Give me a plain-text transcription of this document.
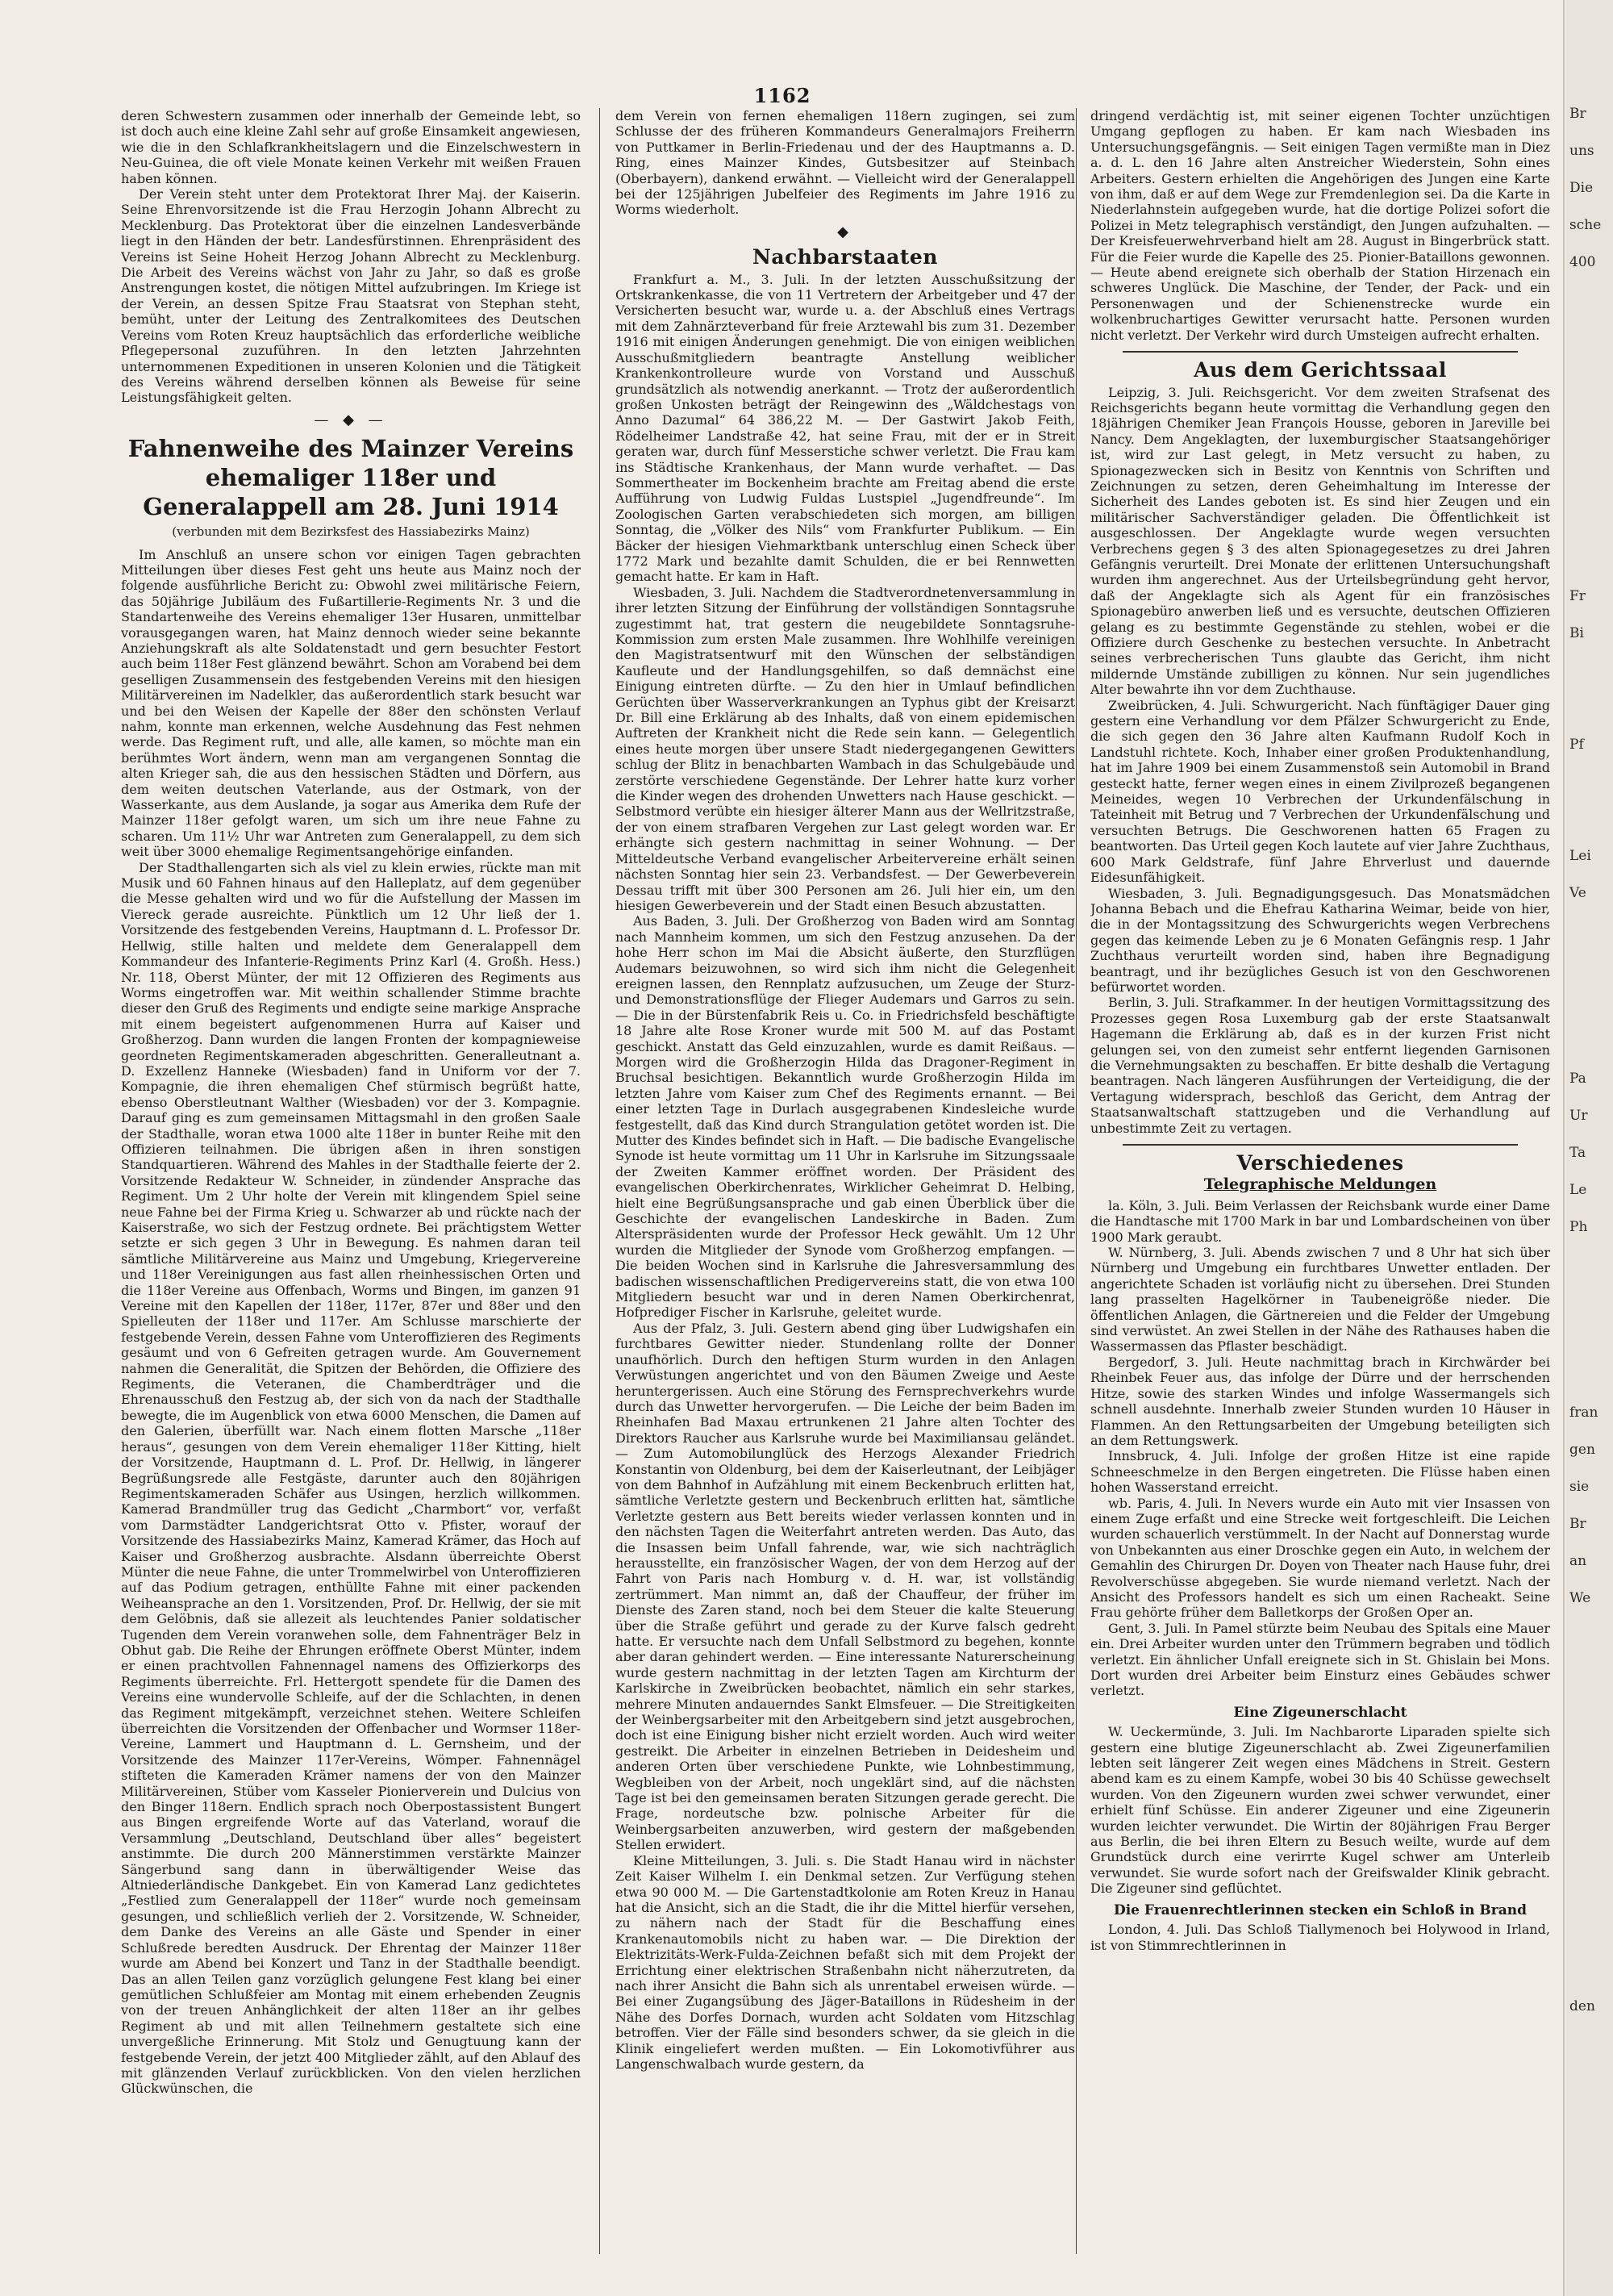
1162

deren Schwestern zusammen oder innerhalb der Gemeinde lebt, so ist doch auch eine kleine Zahl sehr auf große Einsamkeit angewiesen, wie die in den Schlafkrankheitslagern und die Einzelschwestern in Neu-Guinea, die oft viele Monate keinen Verkehr mit weißen Frauen haben können.

Der Verein steht unter dem Protektorat Ihrer Maj. der Kaiserin. Seine Ehrenvorsitzende ist die Frau Herzogin Johann Albrecht zu Mecklenburg. Das Protektorat über die einzelnen Landesverbände liegt in den Händen der betr. Landesfürstinnen. Ehrenpräsident des Vereins ist Seine Hoheit Herzog Johann Albrecht zu Mecklenburg. Die Arbeit des Vereins wächst von Jahr zu Jahr, so daß es große Anstrengungen kostet, die nötigen Mittel aufzubringen. Im Kriege ist der Verein, an dessen Spitze Frau Staatsrat von Stephan steht, bemüht, unter der Leitung des Zentralkomitees des Deutschen Vereins vom Roten Kreuz hauptsächlich das erforderliche weibliche Pflegepersonal zuzuführen. In den letzten Jahrzehnten unternommenen Expeditionen in unseren Kolonien und die Tätigkeit des Vereins während derselben können als Beweise für seine Leistungsfähigkeit gelten.

— ◆ —
Fahnenweihe des Mainzer Vereins ehemaliger 118er und Generalappell am 28. Juni 1914

(verbunden mit dem Bezirksfest des Hassiabezirks Mainz)

Im Anschluß an unsere schon vor einigen Tagen gebrachten Mitteilungen über dieses Fest geht uns heute aus Mainz noch der folgende ausführliche Bericht zu: Obwohl zwei militärische Feiern, das 50jährige Jubiläum des Fußartillerie-Regiments Nr. 3 und die Standartenweihe des Vereins ehemaliger 13er Husaren, unmittelbar vorausgegangen waren, hat Mainz dennoch wieder seine bekannte Anziehungskraft als alte Soldatenstadt und gern besuchter Festort auch beim 118er Fest glänzend bewährt. Schon am Vorabend bei dem geselligen Zusammensein des festgebenden Vereins mit den hiesigen Militärvereinen im Nadelkler, das außerordentlich stark besucht war und bei den Weisen der Kapelle der 88er den schönsten Verlauf nahm, konnte man erkennen, welche Ausdehnung das Fest nehmen werde. Das Regiment ruft, und alle, alle kamen, so möchte man ein berühmtes Wort ändern, wenn man am vergangenen Sonntag die alten Krieger sah, die aus den hessischen Städten und Dörfern, aus dem weiten deutschen Vaterlande, aus der Ostmark, von der Wasserkante, aus dem Auslande, ja sogar aus Amerika dem Rufe der Mainzer 118er gefolgt waren, um sich um ihre neue Fahne zu scharen. Um 11½ Uhr war Antreten zum Generalappell, zu dem sich weit über 3000 ehemalige Regimentsangehörige einfanden.

Der Stadthallengarten sich als viel zu klein erwies, rückte man mit Musik und 60 Fahnen hinaus auf den Halleplatz, auf dem gegenüber die Messe gehalten wird und wo für die Aufstellung der Massen im Viereck gerade ausreichte. Pünktlich um 12 Uhr ließ der 1. Vorsitzende des festgebenden Vereins, Hauptmann d. L. Professor Dr. Hellwig, stille halten und meldete dem Generalappell dem Kommandeur des Infanterie-Regiments Prinz Karl (4. Großh. Hess.) Nr. 118, Oberst Münter, der mit 12 Offizieren des Regiments aus Worms eingetroffen war. Mit weithin schallender Stimme brachte dieser den Gruß des Regiments und endigte seine markige Ansprache mit einem begeistert aufgenommenen Hurra auf Kaiser und Großherzog. Dann wurden die langen Fronten der kompagnieweise geordneten Regimentskameraden abgeschritten. Generalleutnant a. D. Exzellenz Hanneke (Wiesbaden) fand in Uniform vor der 7. Kompagnie, die ihren ehemaligen Chef stürmisch begrüßt hatte, ebenso Oberstleutnant Walther (Wiesbaden) vor der 3. Kompagnie. Darauf ging es zum gemeinsamen Mittagsmahl in den großen Saale der Stadthalle, woran etwa 1000 alte 118er in bunter Reihe mit den Offizieren teilnahmen. Die übrigen aßen in ihren sonstigen Standquartieren. Während des Mahles in der Stadthalle feierte der 2. Vorsitzende Redakteur W. Schneider, in zündender Ansprache das Regiment. Um 2 Uhr holte der Verein mit klingendem Spiel seine neue Fahne bei der Firma Krieg u. Schwarzer ab und rückte nach der Kaiserstraße, wo sich der Festzug ordnete. Bei prächtigstem Wetter setzte er sich gegen 3 Uhr in Bewegung. Es nahmen daran teil sämtliche Militärvereine aus Mainz und Umgebung, Kriegervereine und 118er Vereinigungen aus fast allen rheinhessischen Orten und die 118er Vereine aus Offenbach, Worms und Bingen, im ganzen 91 Vereine mit den Kapellen der 118er, 117er, 87er und 88er und den Spielleuten der 118er und 117er. Am Schlusse marschierte der festgebende Verein, dessen Fahne vom Unteroffizieren des Regiments gesäumt und von 6 Gefreiten getragen wurde. Am Gouvernement nahmen die Generalität, die Spitzen der Behörden, die Offiziere des Regiments, die Veteranen, die Chamberdträger und die Ehrenausschuß den Festzug ab, der sich von da nach der Stadthalle bewegte, die im Augenblick von etwa 6000 Menschen, die Damen auf den Galerien, überfüllt war. Nach einem flotten Marsche „118er heraus“, gesungen von dem Verein ehemaliger 118er Kitting, hielt der Vorsitzende, Hauptmann d. L. Prof. Dr. Hellwig, in längerer Begrüßungsrede alle Festgäste, darunter auch den 80jährigen Regimentskameraden Schäfer aus Usingen, herzlich willkommen. Kamerad Brandmüller trug das Gedicht „Charmbort“ vor, verfaßt vom Darmstädter Landgerichtsrat Otto v. Pfister, worauf der Vorsitzende des Hassiabezirks Mainz, Kamerad Krämer, das Hoch auf Kaiser und Großherzog ausbrachte. Alsdann überreichte Oberst Münter die neue Fahne, die unter Trommelwirbel von Unteroffizieren auf das Podium getragen, enthüllte Fahne mit einer packenden Weiheansprache an den 1. Vorsitzenden, Prof. Dr. Hellwig, der sie mit dem Gelöbnis, daß sie allezeit als leuchtendes Panier soldatischer Tugenden dem Verein voranwehen solle, dem Fahnenträger Belz in Obhut gab. Die Reihe der Ehrungen eröffnete Oberst Münter, indem er einen prachtvollen Fahnennagel namens des Offizierkorps des Regiments überreichte. Frl. Hettergott spendete für die Damen des Vereins eine wundervolle Schleife, auf der die Schlachten, in denen das Regiment mitgekämpft, verzeichnet stehen. Weitere Schleifen überreichten die Vorsitzenden der Offenbacher und Wormser 118er-Vereine, Lammert und Hauptmann d. L. Gernsheim, und der Vorsitzende des Mainzer 117er-Vereins, Wömper. Fahnennägel stifteten die Kameraden Krämer namens der von den Mainzer Militärvereinen, Stüber vom Kasseler Pionierverein und Dulcius von den Binger 118ern. Endlich sprach noch Oberpostassistent Bungert aus Bingen ergreifende Worte auf das Vaterland, worauf die Versammlung „Deutschland, Deutschland über alles“ begeistert anstimmte. Die durch 200 Männerstimmen verstärkte Mainzer Sängerbund sang dann in überwältigender Weise das Altniederländische Dankgebet. Ein von Kamerad Lanz gedichtetes „Festlied zum Generalappell der 118er“ wurde noch gemeinsam gesungen, und schließlich verlieh der 2. Vorsitzende, W. Schneider, dem Danke des Vereins an alle Gäste und Spender in einer Schlußrede beredten Ausdruck. Der Ehrentag der Mainzer 118er wurde am Abend bei Konzert und Tanz in der Stadthalle beendigt. Das an allen Teilen ganz vorzüglich gelungene Fest klang bei einer gemütlichen Schlußfeier am Montag mit einem erhebenden Zeugnis von der treuen Anhänglichkeit der alten 118er an ihr gelbes Regiment ab und mit allen Teilnehmern gestaltete sich eine unvergeßliche Erinnerung. Mit Stolz und Genugtuung kann der festgebende Verein, der jetzt 400 Mitglieder zählt, auf den Ablauf des mit glänzenden Verlauf zurückblicken. Von den vielen herzlichen Glückwünschen, die

dem Verein von fernen ehemaligen 118ern zugingen, sei zum Schlusse der des früheren Kommandeurs Generalmajors Freiherrn von Puttkamer in Berlin-Friedenau und der des Hauptmanns a. D. Ring, eines Mainzer Kindes, Gutsbesitzer auf Steinbach (Oberbayern), dankend erwähnt. — Vielleicht wird der Generalappell bei der 125jährigen Jubelfeier des Regiments im Jahre 1916 zu Worms wiederholt.

◆
Nachbarstaaten

Frankfurt a. M., 3. Juli. In der letzten Ausschußsitzung der Ortskrankenkasse, die von 11 Vertretern der Arbeitgeber und 47 der Versicherten besucht war, wurde u. a. der Abschluß eines Vertrags mit dem Zahnärzteverband für freie Arztewahl bis zum 31. Dezember 1916 mit einigen Änderungen genehmigt. Die von einigen weiblichen Ausschußmitgliedern beantragte Anstellung weiblicher Krankenkontrolleure wurde von Vorstand und Ausschuß grundsätzlich als notwendig anerkannt. — Trotz der außerordentlich großen Unkosten beträgt der Reingewinn des „Wäldchestags von Anno Dazumal“ 64 386,22 M. — Der Gastwirt Jakob Feith, Rödelheimer Landstraße 42, hat seine Frau, mit der er in Streit geraten war, durch fünf Messerstiche schwer verletzt. Die Frau kam ins Städtische Krankenhaus, der Mann wurde verhaftet. — Das Sommertheater im Bockenheim brachte am Freitag abend die erste Aufführung von Ludwig Fuldas Lustspiel „Jugendfreunde“. Im Zoologischen Garten verabschiedeten sich morgen, am billigen Sonntag, die „Völker des Nils“ vom Frankfurter Publikum. — Ein Bäcker der hiesigen Viehmarktbank unterschlug einen Scheck über 1772 Mark und bezahlte damit Schulden, die er bei Rennwetten gemacht hatte. Er kam in Haft.

Wiesbaden, 3. Juli. Nachdem die Stadtverordnetenversammlung in ihrer letzten Sitzung der Einführung der vollständigen Sonntagsruhe zugestimmt hat, trat gestern die neugebildete Sonntagsruhe-Kommission zum ersten Male zusammen. Ihre Wohlhilfe vereinigen den Magistratsentwurf mit den Wünschen der selbständigen Kaufleute und der Handlungsgehilfen, so daß demnächst eine Einigung eintreten dürfte. — Zu den hier in Umlauf befindlichen Gerüchten über Wasserverkrankungen an Typhus gibt der Kreisarzt Dr. Bill eine Erklärung ab des Inhalts, daß von einem epidemischen Auftreten der Krankheit nicht die Rede sein kann. — Gelegentlich eines heute morgen über unsere Stadt niedergegangenen Gewitters schlug der Blitz in benachbarten Wambach in das Schulgebäude und zerstörte verschiedene Gegenstände. Der Lehrer hatte kurz vorher die Kinder wegen des drohenden Unwetters nach Hause geschickt. — Selbstmord verübte ein hiesiger älterer Mann aus der Wellritzstraße, der von einem strafbaren Vergehen zur Last gelegt worden war. Er erhängte sich gestern nachmittag in seiner Wohnung. — Der Mitteldeutsche Verband evangelischer Arbeitervereine erhält seinen nächsten Sonntag hier sein 23. Verbandsfest. — Der Gewerbeverein Dessau trifft mit über 300 Personen am 26. Juli hier ein, um den hiesigen Gewerbeverein und der Stadt einen Besuch abzustatten.

Aus Baden, 3. Juli. Der Großherzog von Baden wird am Sonntag nach Mannheim kommen, um sich den Festzug anzusehen. Da der hohe Herr schon im Mai die Absicht äußerte, den Sturzflügen Audemars beizuwohnen, so wird sich ihm nicht die Gelegenheit ereignen lassen, den Rennplatz aufzusuchen, um Zeuge der Sturz- und Demonstrationsflüge der Flieger Audemars und Garros zu sein. — Die in der Bürstenfabrik Reis u. Co. in Friedrichsfeld beschäftigte 18 Jahre alte Rose Kroner wurde mit 500 M. auf das Postamt geschickt. Anstatt das Geld einzuzahlen, wurde es damit Reißaus. — Morgen wird die Großherzogin Hilda das Dragoner-Regiment in Bruchsal besichtigen. Bekanntlich wurde Großherzogin Hilda im letzten Jahre vom Kaiser zum Chef des Regiments ernannt. — Bei einer letzten Tage in Durlach ausgegrabenen Kindesleiche wurde festgestellt, daß das Kind durch Strangulation getötet worden ist. Die Mutter des Kindes befindet sich in Haft. — Die badische Evangelische Synode ist heute vormittag um 11 Uhr in Karlsruhe im Sitzungssaale der Zweiten Kammer eröffnet worden. Der Präsident des evangelischen Oberkirchenrates, Wirklicher Geheimrat D. Helbing, hielt eine Begrüßungsansprache und gab einen Überblick über die Geschichte der evangelischen Landeskirche in Baden. Zum Alterspräsidenten wurde der Professor Heck gewählt. Um 12 Uhr wurden die Mitglieder der Synode vom Großherzog empfangen. — Die beiden Wochen sind in Karlsruhe die Jahresversammlung des badischen wissenschaftlichen Predigervereins statt, die von etwa 100 Mitgliedern besucht war und in deren Namen Oberkirchenrat, Hofprediger Fischer in Karlsruhe, geleitet wurde.

Aus der Pfalz, 3. Juli. Gestern abend ging über Ludwigshafen ein furchtbares Gewitter nieder. Stundenlang rollte der Donner unaufhörlich. Durch den heftigen Sturm wurden in den Anlagen Verwüstungen angerichtet und von den Bäumen Zweige und Aeste heruntergerissen. Auch eine Störung des Fernsprechverkehrs wurde durch das Unwetter hervorgerufen. — Die Leiche der beim Baden im Rheinhafen Bad Maxau ertrunkenen 21 Jahre alten Tochter des Direktors Raucher aus Karlsruhe wurde bei Maximiliansau geländet. — Zum Automobilunglück des Herzogs Alexander Friedrich Konstantin von Oldenburg, bei dem der Kaiserleutnant, der Leibjäger von dem Bahnhof in Aufzählung mit einem Beckenbruch erlitten hat, sämtliche Verletzte gestern und Beckenbruch erlitten hat, sämtliche Verletzte gestern aus Bett bereits wieder verlassen konnten und in den nächsten Tagen die Weiterfahrt antreten werden. Das Auto, das die Insassen beim Unfall fahrende, war, wie sich nachträglich herausstellte, ein französischer Wagen, der von dem Herzog auf der Fahrt von Paris nach Homburg v. d. H. war, ist vollständig zertrümmert. Man nimmt an, daß der Chauffeur, der früher im Dienste des Zaren stand, noch bei dem Steuer die kalte Steuerung über die Straße geführt und gerade zu der Kurve falsch gedreht hatte. Er versuchte nach dem Unfall Selbstmord zu begehen, konnte aber daran gehindert werden. — Eine interessante Naturerscheinung wurde gestern nachmittag in der letzten Tagen am Kirchturm der Karlskirche in Zweibrücken beobachtet, nämlich ein sehr starkes, mehrere Minuten andauerndes Sankt Elmsfeuer. — Die Streitigkeiten der Weinbergsarbeiter mit den Arbeitgebern sind jetzt ausgebrochen, doch ist eine Einigung bisher nicht erzielt worden. Auch wird weiter gestreikt. Die Arbeiter in einzelnen Betrieben in Deidesheim und anderen Orten über verschiedene Punkte, wie Lohnbestimmung, Wegbleiben von der Arbeit, noch ungeklärt sind, auf die nächsten Tage ist bei den gemeinsamen beraten Sitzungen gerade gerecht. Die Frage, nordeutsche bzw. polnische Arbeiter für die Weinbergsarbeiten anzuwerben, wird gestern der maßgebenden Stellen erwidert.

Kleine Mitteilungen, 3. Juli. s. Die Stadt Hanau wird in nächster Zeit Kaiser Wilhelm I. ein Denkmal setzen. Zur Verfügung stehen etwa 90 000 M. — Die Gartenstadtkolonie am Roten Kreuz in Hanau hat die Ansicht, sich an die Stadt, die ihr die Mittel hierfür versehen, zu nähern nach der Stadt für die Beschaffung eines Krankenautomobils nicht zu haben war. — Die Direktion der Elektrizitäts-Werk-Fulda-Zeichnen befaßt sich mit dem Projekt der Errichtung einer elektrischen Straßenbahn nicht näherzutreten, da nach ihrer Ansicht die Bahn sich als unrentabel erweisen würde. — Bei einer Zugangsübung des Jäger-Bataillons in Rüdesheim in der Nähe des Dorfes Dornach, wurden acht Soldaten vom Hitzschlag betroffen. Vier der Fälle sind besonders schwer, da sie gleich in die Klinik eingeliefert werden mußten. — Ein Lokomotivführer aus Langenschwalbach wurde gestern, da

dringend verdächtig ist, mit seiner eigenen Tochter unzüchtigen Umgang gepflogen zu haben. Er kam nach Wiesbaden ins Untersuchungsgefängnis. — Seit einigen Tagen vermißte man in Diez a. d. L. den 16 Jahre alten Anstreicher Wiederstein, Sohn eines Arbeiters. Gestern erhielten die Angehörigen des Jungen eine Karte von ihm, daß er auf dem Wege zur Fremdenlegion sei. Da die Karte in Niederlahnstein aufgegeben wurde, hat die dortige Polizei sofort die Polizei in Metz telegraphisch verständigt, den Jungen aufzuhalten. — Der Kreisfeuerwehrverband hielt am 28. August in Bingerbrück statt. Für die Feier wurde die Kapelle des 25. Pionier-Bataillons gewonnen. — Heute abend ereignete sich oberhalb der Station Hirzenach ein schweres Unglück. Die Maschine, der Tender, der Pack- und ein Personenwagen und der Schienenstrecke wurde ein wolkenbruchartiges Gewitter verursacht hatte. Personen wurden nicht verletzt. Der Verkehr wird durch Umsteigen aufrecht erhalten.

Aus dem Gerichtssaal

Leipzig, 3. Juli. Reichsgericht. Vor dem zweiten Strafsenat des Reichsgerichts begann heute vormittag die Verhandlung gegen den 18jährigen Chemiker Jean François Housse, geboren in Jareville bei Nancy. Dem Angeklagten, der luxemburgischer Staatsangehöriger ist, wird zur Last gelegt, in Metz versucht zu haben, zu Spionagezwecken sich in Besitz von Kenntnis von Schriften und Zeichnungen zu setzen, deren Geheimhaltung im Interesse der Sicherheit des Landes geboten ist. Es sind hier Zeugen und ein militärischer Sachverständiger geladen. Die Öffentlichkeit ist ausgeschlossen. Der Angeklagte wurde wegen versuchten Verbrechens gegen § 3 des alten Spionagegesetzes zu drei Jahren Gefängnis verurteilt. Drei Monate der erlittenen Untersuchungshaft wurden ihm angerechnet. Aus der Urteilsbegründung geht hervor, daß der Angeklagte sich als Agent für ein französisches Spionagebüro anwerben ließ und es versuchte, deutschen Offizieren gelang es zu bestimmte Gegenstände zu stehlen, wobei er die Offiziere durch Geschenke zu bestechen versuchte. In Anbetracht seines verbrecherischen Tuns glaubte das Gericht, ihm nicht mildernde Umstände zubilligen zu können. Nur sein jugendliches Alter bewahrte ihn vor dem Zuchthause.

Zweibrücken, 4. Juli. Schwurgericht. Nach fünftägiger Dauer ging gestern eine Verhandlung vor dem Pfälzer Schwurgericht zu Ende, die sich gegen den 36 Jahre alten Kaufmann Rudolf Koch in Landstuhl richtete. Koch, Inhaber einer großen Produktenhandlung, hat im Jahre 1909 bei einem Zusammenstoß sein Automobil in Brand gesteckt hatte, ferner wegen eines in einem Zivilprozeß begangenen Meineides, wegen 10 Verbrechen der Urkundenfälschung in Tateinheit mit Betrug und 7 Verbrechen der Urkundenfälschung und versuchten Betrugs. Die Geschworenen hatten 65 Fragen zu beantworten. Das Urteil gegen Koch lautete auf vier Jahre Zuchthaus, 600 Mark Geldstrafe, fünf Jahre Ehrverlust und dauernde Eidesunfähigkeit.

Wiesbaden, 3. Juli. Begnadigungsgesuch. Das Monatsmädchen Johanna Bebach und die Ehefrau Katharina Weimar, beide von hier, die in der Montagssitzung des Schwurgerichts wegen Verbrechens gegen das keimende Leben zu je 6 Monaten Gefängnis resp. 1 Jahr Zuchthaus verurteilt worden sind, haben ihre Begnadigung beantragt, und ihr bezügliches Gesuch ist von den Geschworenen befürwortet worden.

Berlin, 3. Juli. Strafkammer. In der heutigen Vormittagssitzung des Prozesses gegen Rosa Luxemburg gab der erste Staatsanwalt Hagemann die Erklärung ab, daß es in der kurzen Frist nicht gelungen sei, von den zumeist sehr entfernt liegenden Garnisonen die Vernehmungsakten zu beschaffen. Er bitte deshalb die Vertagung beantragen. Nach längeren Ausführungen der Verteidigung, die der Vertagung widersprach, beschloß das Gericht, dem Antrag der Staatsanwaltschaft stattzugeben und die Verhandlung auf unbestimmte Zeit zu vertagen.

Verschiedenes
Telegraphische Meldungen

la. Köln, 3. Juli. Beim Verlassen der Reichsbank wurde einer Dame die Handtasche mit 1700 Mark in bar und Lombardscheinen von über 1900 Mark geraubt.

W. Nürnberg, 3. Juli. Abends zwischen 7 und 8 Uhr hat sich über Nürnberg und Umgebung ein furchtbares Unwetter entladen. Der angerichtete Schaden ist vorläufig nicht zu übersehen. Drei Stunden lang prasselten Hagelkörner in Taubeneigröße nieder. Die öffentlichen Anlagen, die Gärtnereien und die Felder der Umgebung sind verwüstet. An zwei Stellen in der Nähe des Rathauses haben die Wassermassen das Pflaster beschädigt.

Bergedorf, 3. Juli. Heute nachmittag brach in Kirchwärder bei Rheinbek Feuer aus, das infolge der Dürre und der herrschenden Hitze, sowie des starken Windes und infolge Wassermangels sich schnell ausdehnte. Innerhalb zweier Stunden wurden 10 Häuser in Flammen. An den Rettungsarbeiten der Umgebung beteiligten sich an dem Rettungswerk.

Innsbruck, 4. Juli. Infolge der großen Hitze ist eine rapide Schneeschmelze in den Bergen eingetreten. Die Flüsse haben einen hohen Wasserstand erreicht.

wb. Paris, 4. Juli. In Nevers wurde ein Auto mit vier Insassen von einem Zuge erfaßt und eine Strecke weit fortgeschleift. Die Leichen wurden schauerlich verstümmelt. In der Nacht auf Donnerstag wurde von Unbekannten aus einer Droschke gegen ein Auto, in welchem der Gemahlin des Chirurgen Dr. Doyen von Theater nach Hause fuhr, drei Revolverschüsse abgegeben. Sie wurde niemand verletzt. Nach der Ansicht des Professors handelt es sich um einen Racheakt. Seine Frau gehörte früher dem Balletkorps der Großen Oper an.

Gent, 3. Juli. In Pamel stürzte beim Neubau des Spitals eine Mauer ein. Drei Arbeiter wurden unter den Trümmern begraben und tödlich verletzt. Ein ähnlicher Unfall ereignete sich in St. Ghislain bei Mons. Dort wurden drei Arbeiter beim Einsturz eines Gebäudes schwer verletzt.

Eine Zigeunerschlacht

W. Ueckermünde, 3. Juli. Im Nachbarorte Liparaden spielte sich gestern eine blutige Zigeunerschlacht ab. Zwei Zigeunerfamilien lebten seit längerer Zeit wegen eines Mädchens in Streit. Gestern abend kam es zu einem Kampfe, wobei 30 bis 40 Schüsse gewechselt wurden. Von den Zigeunern wurden zwei schwer verwundet, einer erhielt fünf Schüsse. Ein anderer Zigeuner und eine Zigeunerin wurden leichter verwundet. Die Wirtin der 80jährigen Frau Berger aus Berlin, die bei ihren Eltern zu Besuch weilte, wurde auf dem Grundstück durch eine verirrte Kugel schwer am Unterleib verwundet. Sie wurde sofort nach der Greifswalder Klinik gebracht. Die Zigeuner sind geflüchtet.

Die Frauenrechtlerinnen stecken ein Schloß in Brand

London, 4. Juli. Das Schloß Tiallymenoch bei Holywood in Irland, ist von Stimmrechtlerinnen in

Br

uns

Die

sche

400

Fr

Bi

Pf

Lei

Ve

Pa

Ur

Ta

Le

Ph

fran

gen

sie

Br

an

We

den
